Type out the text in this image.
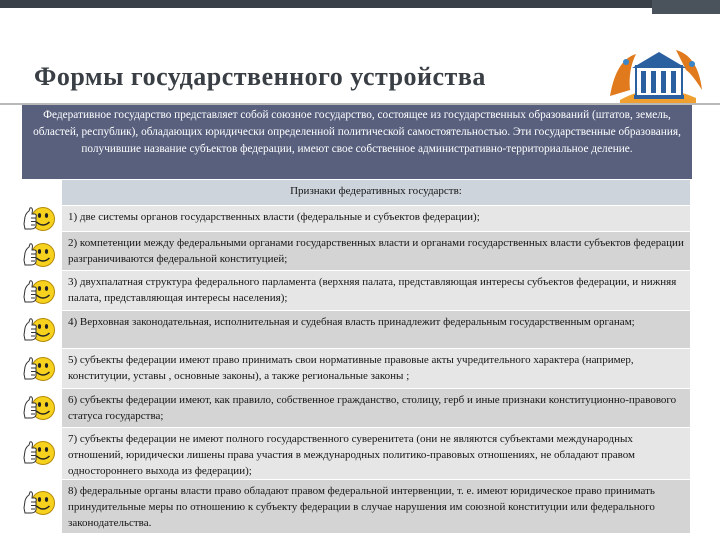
Формы государственного устройства
Федеративное государство представляет собой союзное государство, состоящее из государственных образований (штатов, земель, областей, республик), обладающих юридически определенной политической самостоятельностью. Эти государственные образования, получившие название субъектов федерации, имеют свое собственное административно-территориальное деление.
Признаки федеративных государств:
1) две системы органов государственных власти (федеральные и субъектов федерации);
2) компетенции между федеральными органами государственных власти и органами государственных власти субъектов федерации разграничиваются федеральной конституцией;
3) двухпалатная структура федерального парламента (верхняя палата, представляющая интересы субъектов федерации, и нижняя палата, представляющая интересы населения);
4) Верховная законодательная, исполнительная и судебная власть принадлежит федеральным государственным органам;
5) субъекты федерации имеют право принимать свои нормативные правовые акты учредительного характера (например, конституции, уставы , основные законы), а также региональные законы ;
6) субъекты федерации имеют, как правило, собственное гражданство, столицу, герб и иные признаки конституционно-правового статуса государства;
7) субъекты федерации не имеют полного государственного суверенитета (они не являются субъектами международных отношений, юридически лишены права участия в международных политико-правовых отношениях, не обладают правом одностороннего выхода из федерации);
8) федеральные органы власти право обладают правом федеральной интервенции, т. е. имеют юридическое право принимать принудительные меры по отношению к субъекту федерации в случае нарушения им союзной конституции или федерального законодательства.
